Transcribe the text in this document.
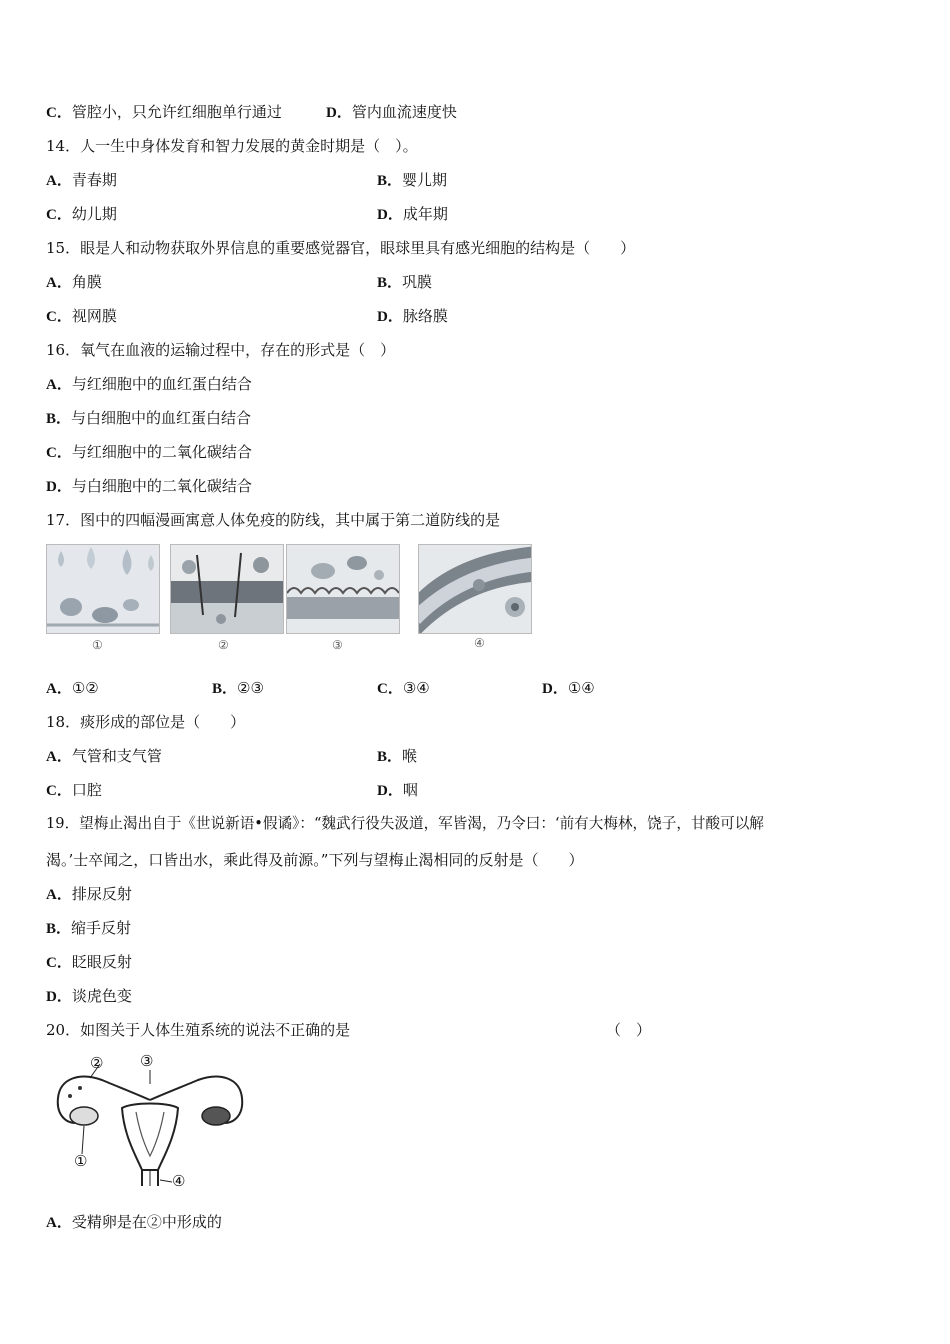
C．管腔小，只允许红细胞单行通过	D．管内血流速度快
14．人一生中身体发育和智力发展的黄金时期是（　）。
A．青春期	B．婴儿期
C．幼儿期	D．成年期
15．眼是人和动物获取外界信息的重要感觉器官，眼球里具有感光细胞的结构是（　　）
A．角膜	B．巩膜
C．视网膜	D．脉络膜
16．氧气在血液的运输过程中，存在的形式是（　）
A．与红细胞中的血红蛋白结合
B．与白细胞中的血红蛋白结合
C．与红细胞中的二氧化碳结合
D．与白细胞中的二氧化碳结合
17．图中的四幅漫画寓意人体免疫的防线，其中属于第二道防线的是
①	②	③	④
A．①②	B．②③	C．③④	D．①④
18．痰形成的部位是（　　）
A．气管和支气管	B．喉
C．口腔	D．咽
19．望梅止渴出自于《世说新语•假谲》：“魏武行役失汲道，军皆渴，乃令曰：‘前有大梅林，饶子，甘酸可以解
渴。’士卒闻之，口皆出水，乘此得及前源。”下列与望梅止渴相同的反射是（　　）
A．排尿反射
B．缩手反射
C．眨眼反射
D．谈虎色变
20．如图关于人体生殖系统的说法不正确的是	（　）
② ③
①
④
A．受精卵是在②中形成的
